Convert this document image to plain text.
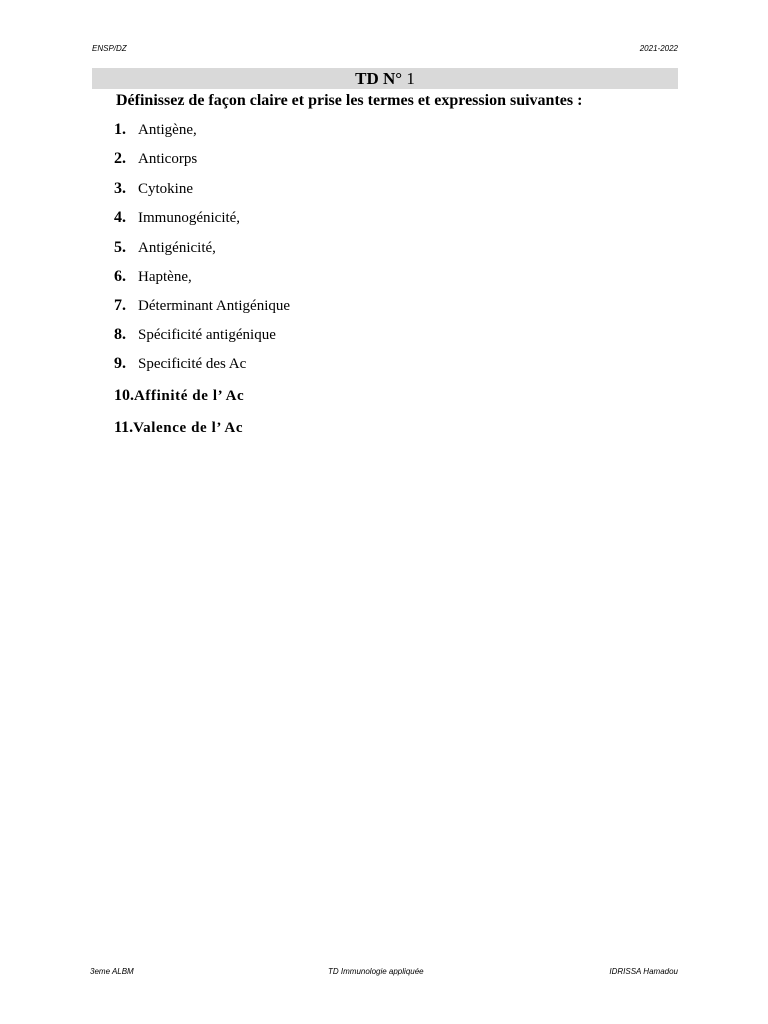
ENSP/DZ	2021-2022
TD N° 1
Définissez de façon claire et prise les termes et expression suivantes :
1. Antigène,
2. Anticorps
3. Cytokine
4. Immunogénicité,
5. Antigénicité,
6. Haptène,
7. Déterminant Antigénique
8. Spécificité antigénique
9. Specificité des Ac
10.Affinité de l’ Ac
11.Valence de l’ Ac
3eme ALBM	TD Immunologie appliquée	IDRISSA Hamadou
